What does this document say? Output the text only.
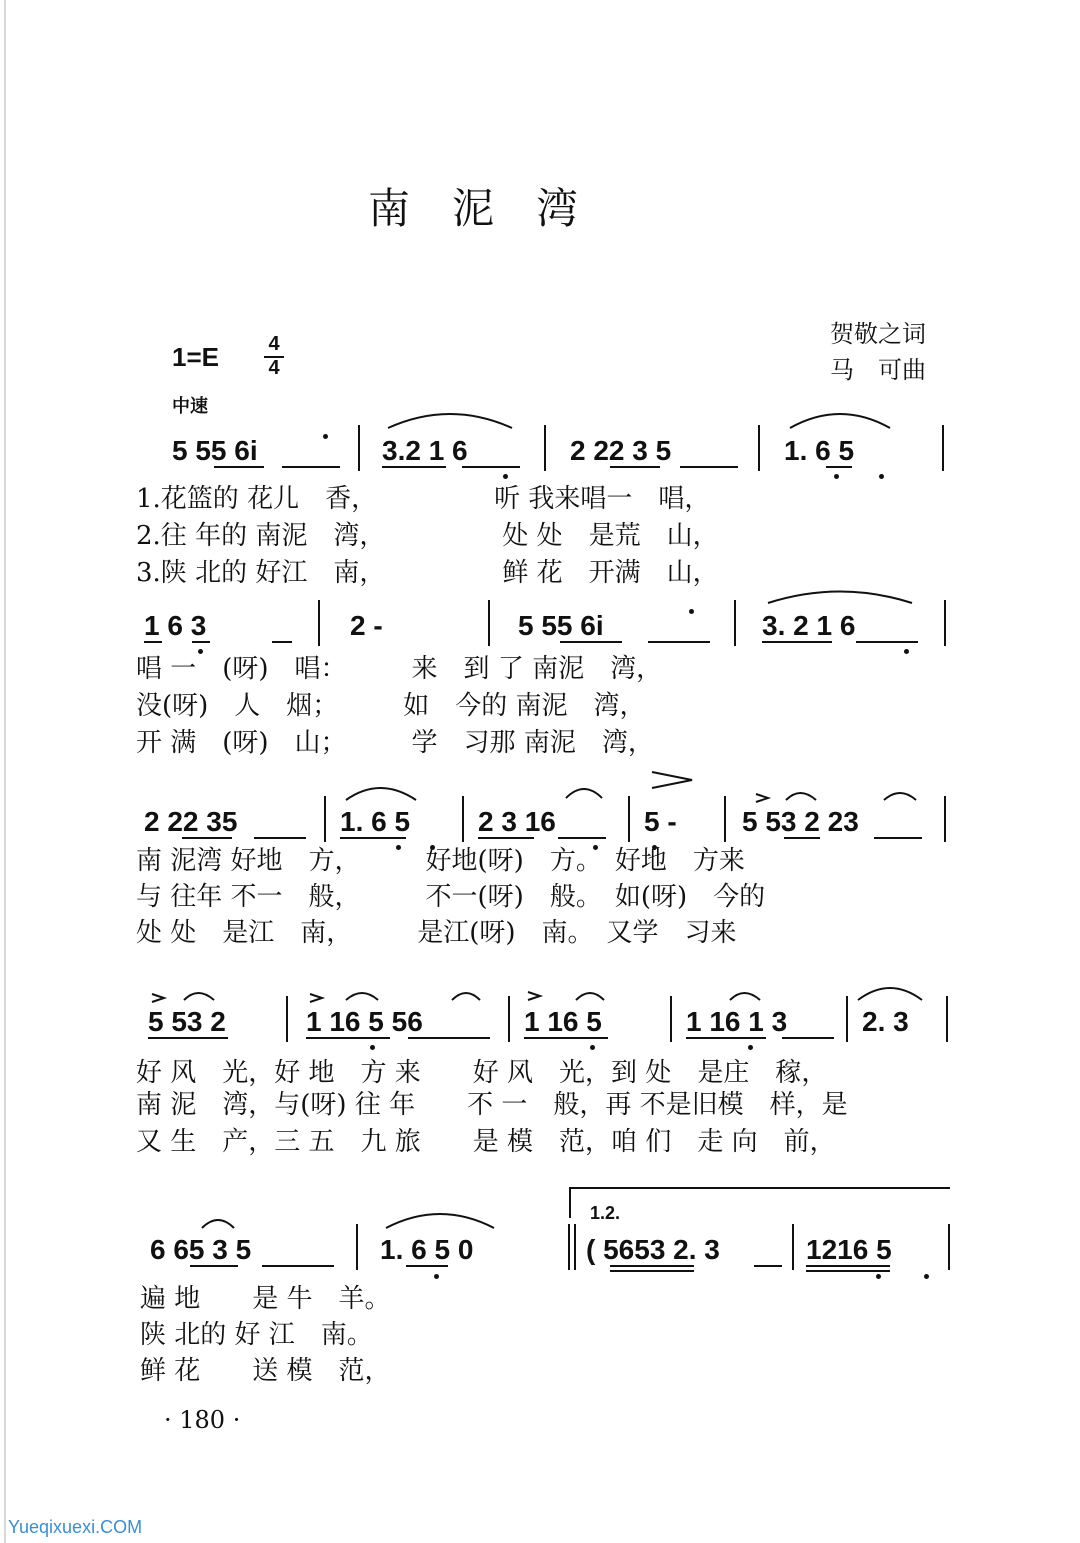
南　泥　湾
贺敬之词
马　可曲
1=E 4
4
中速
5 55 6i	3.2 1 6	2 22 3 5	1. 6 5
1.花篮的 花儿　香，　　　　　听 我来唱一　唱，
2.往 年的 南泥　湾，　　　　　处 处　是荒　山，
3.陕 北的 好江　南，　　　　　鲜 花　开满　山，
1 6 3	2 -	5 55 6i	3. 2 1 6
唱 一　(呀)　唱：　　　来　到 了 南泥　湾，
没(呀)　人　烟；　　　如　今的 南泥　湾，
开 满　(呀)　山；　　　学　习那 南泥　湾，
2 22 35	1. 6 5 2 3 16	5 - 5 53 2 23
南 泥湾 好地　方，　　　好地(呀)　方。　好地　方来
与 往年 不一　般，　　　不一(呀)　般。　如(呀)　今的
处 处　是江　南，　　　是江(呀)　南。　又学　习来
5 53 2	1 16 5 56	1 16 5	1 16 1 3	2. 3
好 风　光，好 地　方 来　　好 风　光，到 处　是庄　稼，
南 泥　湾，与(呀) 往 年　　不 一　般，再 不是旧模　样，是
又 生　产，三 五　九 旅　　是 模　范，咱 们　走 向　前，
1.2.
6 65 3 5	1. 6 5 0	( 5653 2. 3	1216 5
遍 地　　是 牛　羊。
陕 北的 好 江　南。
鲜 花　　送 模　范，
· 180 ·
Yueqixuexi.COM
